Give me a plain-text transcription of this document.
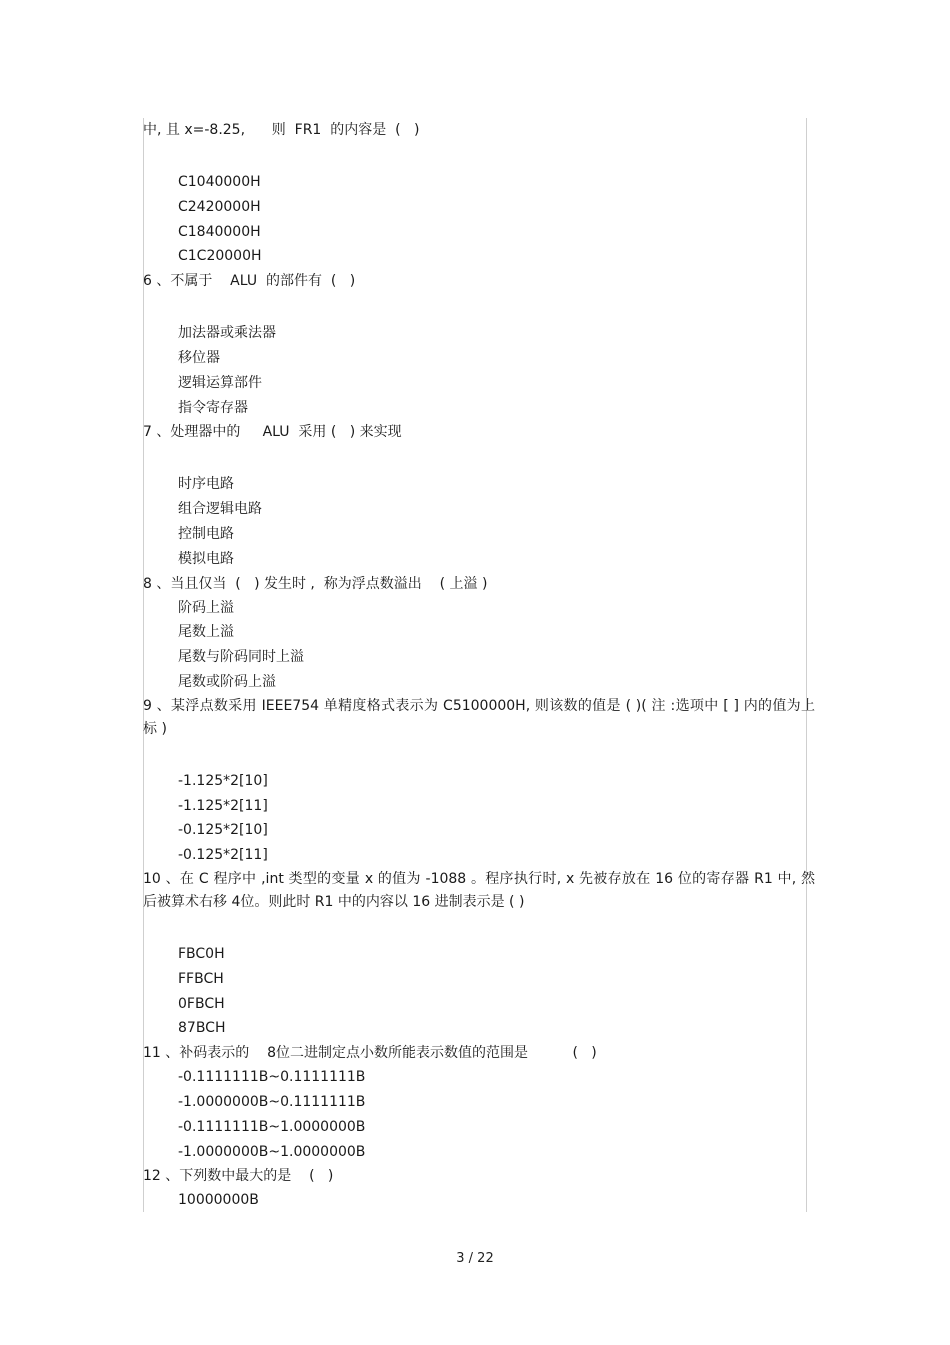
中, 且 x=-8.25,      则  FR1  的内容是  (   )

C1040000H
C2420000H
C1840000H
C1C20000H

6 、不属于    ALU  的部件有  (   )

加法器或乘法器
移位器
逻辑运算部件
指令寄存器

7 、处理器中的     ALU  采用 (   ) 来实现

时序电路
组合逻辑电路
控制电路
模拟电路

8 、当且仅当  (   ) 发生时 ,  称为浮点数溢出    ( 上溢 )

阶码上溢
尾数上溢
尾数与阶码同时上溢
尾数或阶码上溢

9 、某浮点数采用 IEEE754 单精度格式表示为 C5100000H, 则该数的值是 ( )( 注 :选项中 [ ] 内的值为上标 )

-1.125*2[10]
-1.125*2[11]
-0.125*2[10]
-0.125*2[11]

10 、在 C 程序中 ,int 类型的变量 x 的值为 -1088 。程序执行时, x 先被存放在 16 位的寄存器 R1 中, 然后被算术右移 4位。则此时 R1 中的内容以 16 进制表示是 ( )

FBC0H
FFBCH
0FBCH
87BCH

11 、补码表示的    8位二进制定点小数所能表示数值的范围是          (   )

-0.1111111B~0.1111111B
-1.0000000B~0.1111111B
-0.1111111B~1.0000000B
-1.0000000B~1.0000000B

12 、下列数中最大的是    (   )

10000000B
3 / 22
